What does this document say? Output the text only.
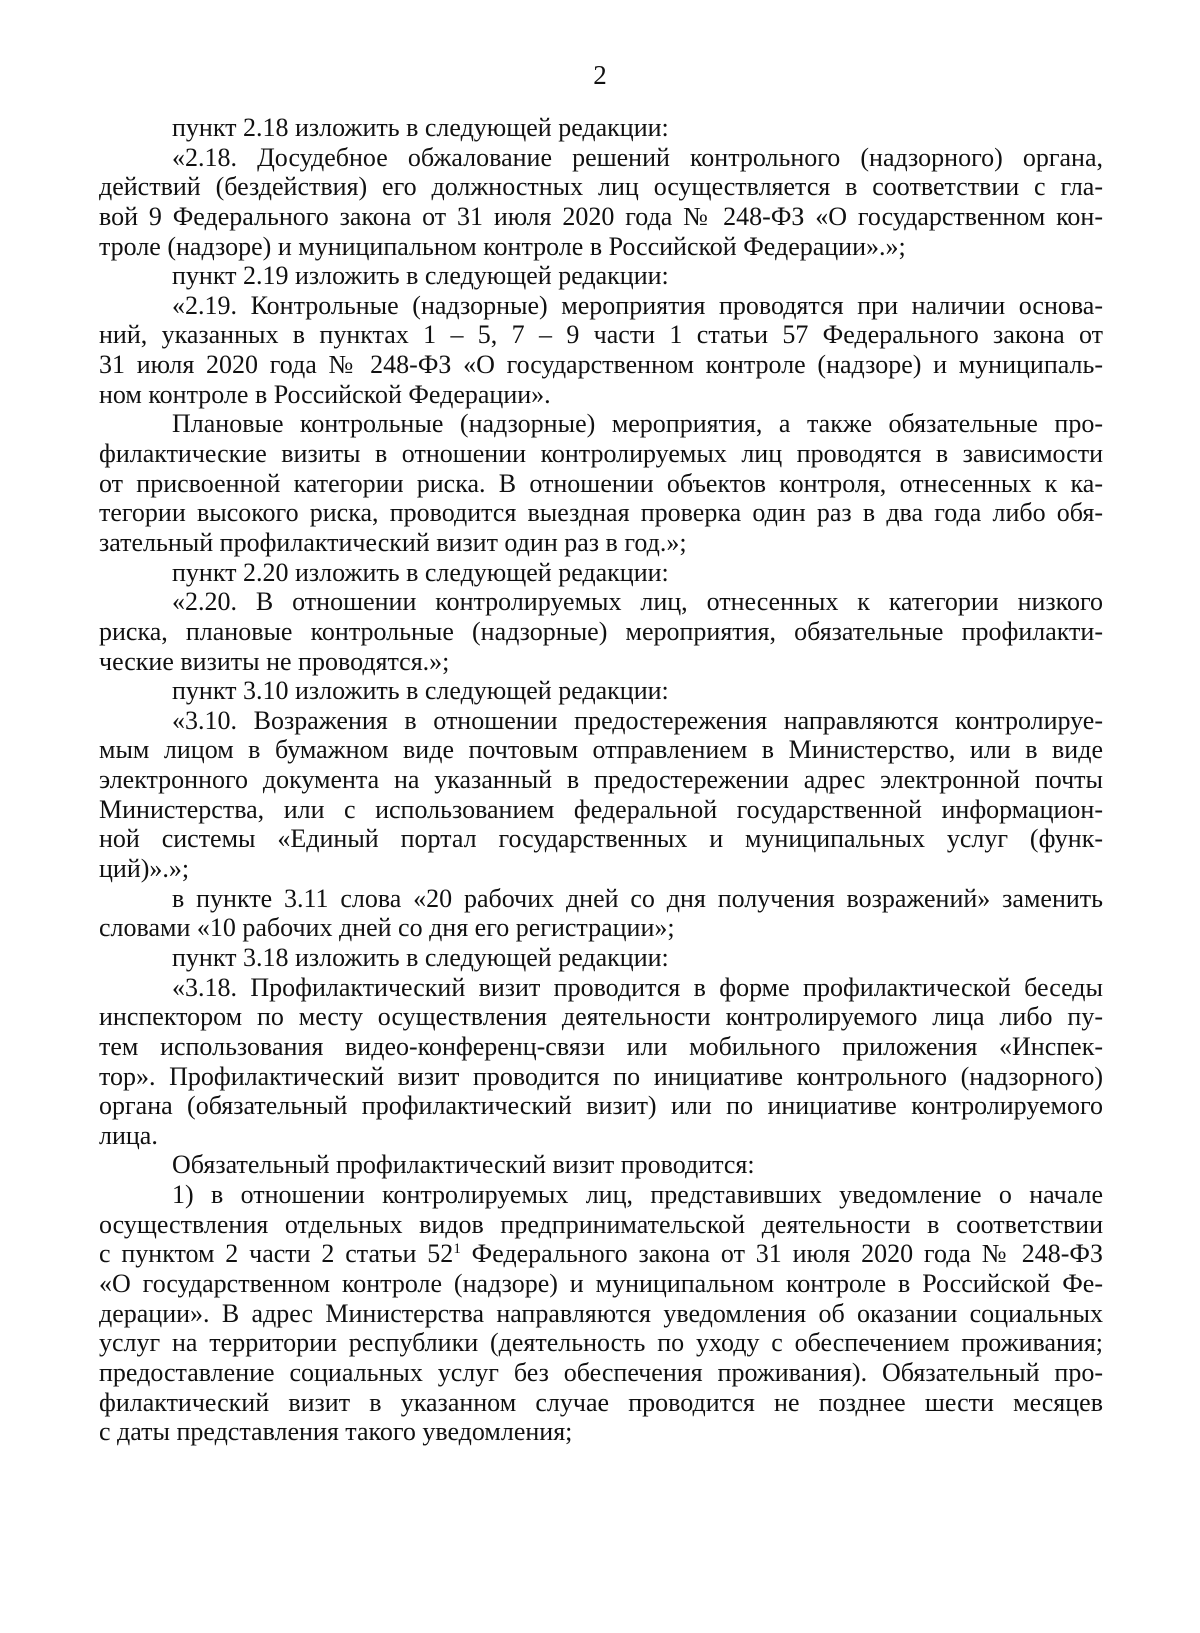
2
пункт 2.18 изложить в следующей редакции:
«2.18. Досудебное обжалование решений контрольного (надзорного) органа,
действий (бездействия) его должностных лиц осуществляется в соответствии с гла-
вой 9 Федерального закона от 31 июля 2020 года № 248-ФЗ «О государственном кон-
троле (надзоре) и муниципальном контроле в Российской Федерации».»;
пункт 2.19 изложить в следующей редакции:
«2.19. Контрольные (надзорные) мероприятия проводятся при наличии основа-
ний, указанных в пунктах 1 – 5, 7 – 9 части 1 статьи 57 Федерального закона от
31 июля 2020 года № 248-ФЗ «О государственном контроле (надзоре) и муниципаль-
ном контроле в Российской Федерации».
Плановые контрольные (надзорные) мероприятия, а также обязательные про-
филактические визиты в отношении контролируемых лиц проводятся в зависимости
от присвоенной категории риска. В отношении объектов контроля, отнесенных к ка-
тегории высокого риска, проводится выездная проверка один раз в два года либо обя-
зательный профилактический визит один раз в год.»;
пункт 2.20 изложить в следующей редакции:
«2.20. В отношении контролируемых лиц, отнесенных к категории низкого
риска, плановые контрольные (надзорные) мероприятия, обязательные профилакти-
ческие визиты не проводятся.»;
пункт 3.10 изложить в следующей редакции:
«3.10. Возражения в отношении предостережения направляются контролируе-
мым лицом в бумажном виде почтовым отправлением в Министерство, или в виде
электронного документа на указанный в предостережении адрес электронной почты
Министерства, или с использованием федеральной государственной информацион-
ной системы «Единый портал государственных и муниципальных услуг (функ-
ций)».»;
в пункте 3.11 слова «20 рабочих дней со дня получения возражений» заменить
словами «10 рабочих дней со дня его регистрации»;
пункт 3.18 изложить в следующей редакции:
«3.18. Профилактический визит проводится в форме профилактической беседы
инспектором по месту осуществления деятельности контролируемого лица либо пу-
тем использования видео-конференц-связи или мобильного приложения «Инспек-
тор». Профилактический визит проводится по инициативе контрольного (надзорного)
органа (обязательный профилактический визит) или по инициативе контролируемого
лица.
Обязательный профилактический визит проводится:
1) в отношении контролируемых лиц, представивших уведомление о начале
осуществления отдельных видов предпринимательской деятельности в соответствии
с пунктом 2 части 2 статьи $52^1$ Федерального закона от 31 июля 2020 года № 248-ФЗ
«О государственном контроле (надзоре) и муниципальном контроле в Российской Фе-
дерации». В адрес Министерства направляются уведомления об оказании социальных
услуг на территории республики (деятельность по уходу с обеспечением проживания;
предоставление социальных услуг без обеспечения проживания). Обязательный про-
филактический визит в указанном случае проводится не позднее шести месяцев
с даты представления такого уведомления;
